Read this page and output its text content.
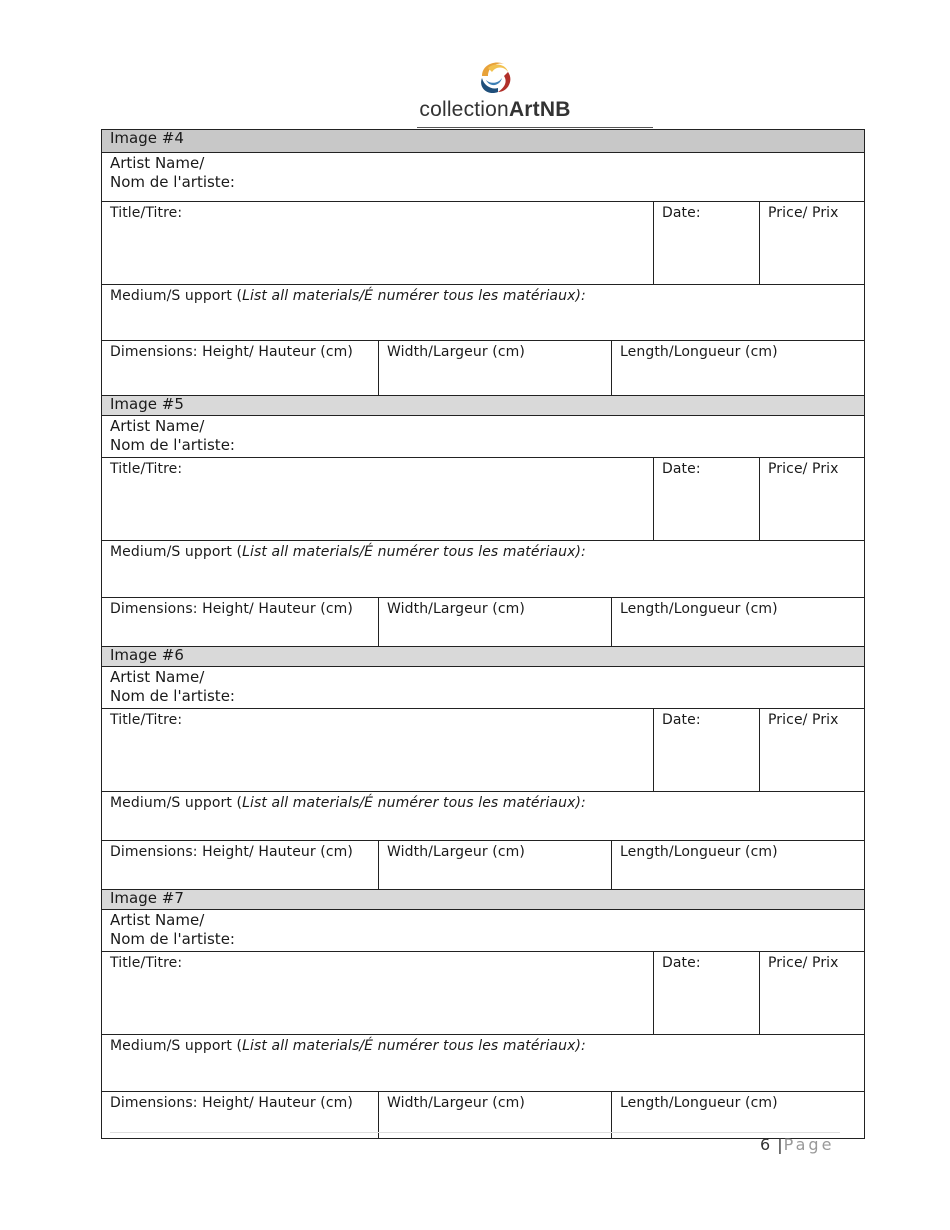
collectionArtNB
Image #4
Artist Name/
Nom de l'artiste:
Title/Titre:	Date:	Price/ Prix
Medium/S upport (List all materials/É numérer tous les matériaux):
Dimensions: Height/ Hauteur (cm)	Width/Largeur (cm)	Length/Longueur (cm)
Image #5
Artist Name/
Nom de l'artiste:
Title/Titre:	Date:	Price/ Prix
Medium/S upport (List all materials/É numérer tous les matériaux):
Dimensions: Height/ Hauteur (cm)	Width/Largeur (cm)	Length/Longueur (cm)
Image #6
Artist Name/
Nom de l'artiste:
Title/Titre:	Date:	Price/ Prix
Medium/S upport (List all materials/É numérer tous les matériaux):
Dimensions: Height/ Hauteur (cm)	Width/Largeur (cm)	Length/Longueur (cm)
Image #7
Artist Name/
Nom de l'artiste:
Title/Titre:	Date:	Price/ Prix
Medium/S upport (List all materials/É numérer tous les matériaux):
Dimensions: Height/ Hauteur (cm)	Width/Largeur (cm)	Length/Longueur (cm)
6 |Page
